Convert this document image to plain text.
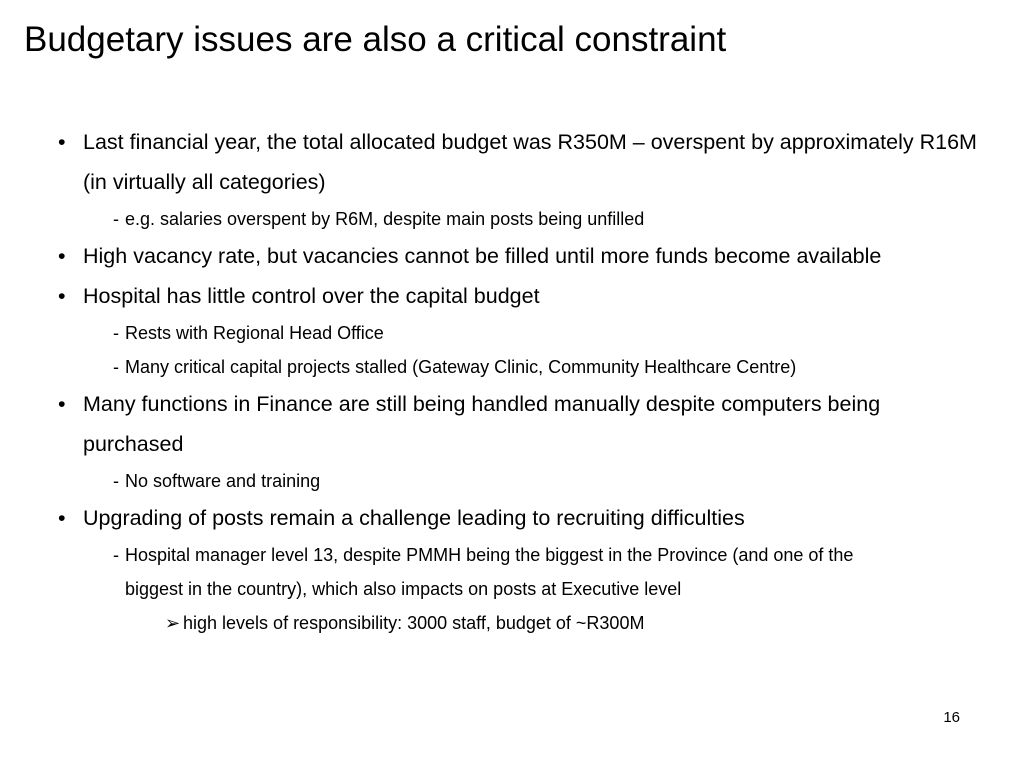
Budgetary issues are also a critical constraint
• Last financial year, the total allocated budget was R350M – overspent by approximately R16M (in virtually all categories)
- e.g. salaries overspent by R6M, despite main posts being unfilled
• High vacancy rate, but vacancies cannot be filled until more funds become available
• Hospital has little control over the capital budget
- Rests with Regional Head Office
- Many critical capital projects stalled (Gateway Clinic, Community Healthcare Centre)
• Many functions in Finance are still being handled manually despite computers being purchased
- No software and training
• Upgrading of posts remain a challenge leading to recruiting difficulties
- Hospital manager level 13, despite PMMH being the biggest in the Province (and one of the biggest in the country), which also impacts on posts at Executive level
➢ high levels of responsibility: 3000 staff, budget of ~R300M
16
